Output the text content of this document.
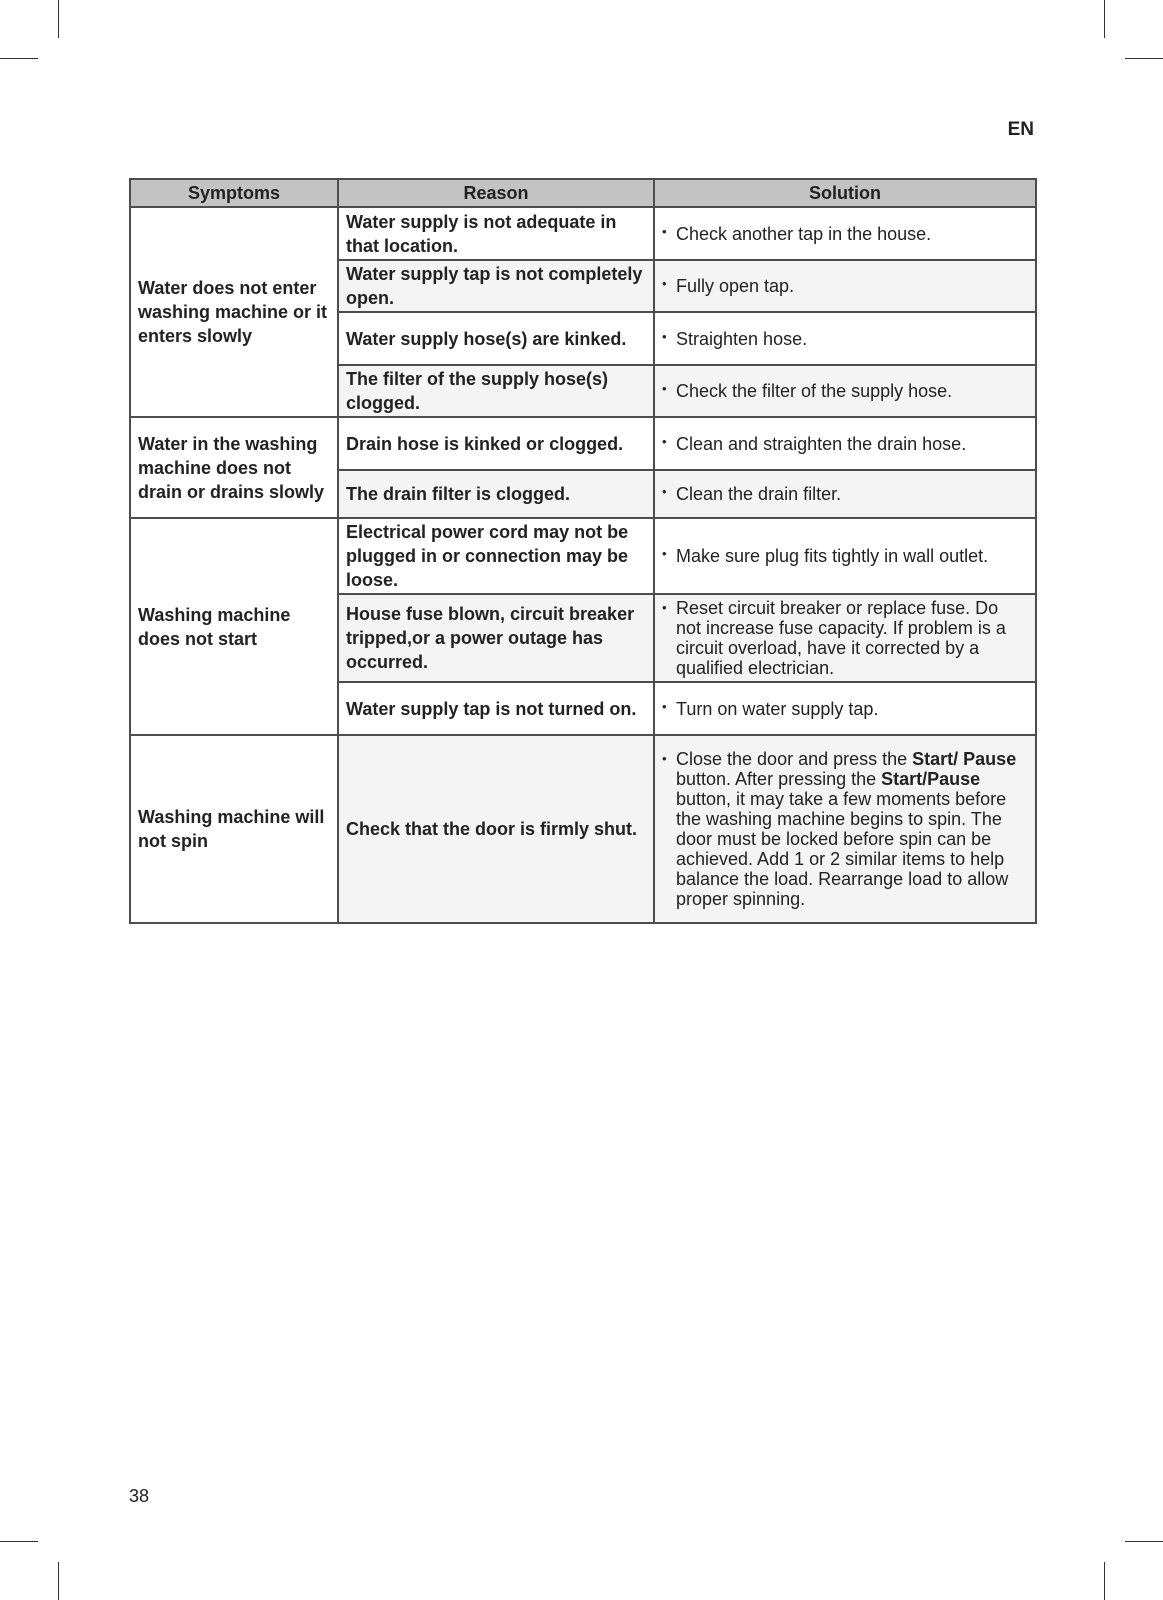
EN
Symptoms	Reason	Solution
Water does not enter washing machine or it enters slowly	Water supply is not adequate in that location.	• Check another tap in the house.

	Water supply tap is not completely open.	• Fully open tap.

	Water supply hose(s) are kinked.	• Straighten hose.

	The filter of the supply hose(s) clogged.	• Check the filter of the supply hose.

Water in the washing machine does not drain or drains slowly	Drain hose is kinked or clogged.	• Clean and straighten the drain hose.

	The drain filter is clogged.	• Clean the drain filter.

Washing machine does not start	Electrical power cord may not be plugged in or connection may be loose.	• Make sure plug fits tightly in wall outlet.

	House fuse blown, circuit breaker tripped,or a power outage has occurred.	• Reset circuit breaker or replace fuse. Do not increase fuse capacity. If problem is a circuit overload, have it corrected by a qualified electrician.

	Water supply tap is not turned on.	• Turn on water supply tap.

Washing machine will not spin	Check that the door is firmly shut.	• Close the door and press the Start/ Pause button. After pressing the Start/Pause button, it may take a few moments before the washing machine begins to spin. The door must be locked before spin can be achieved. Add 1 or 2 similar items to help balance the load. Rearrange load to allow proper spinning.
38
